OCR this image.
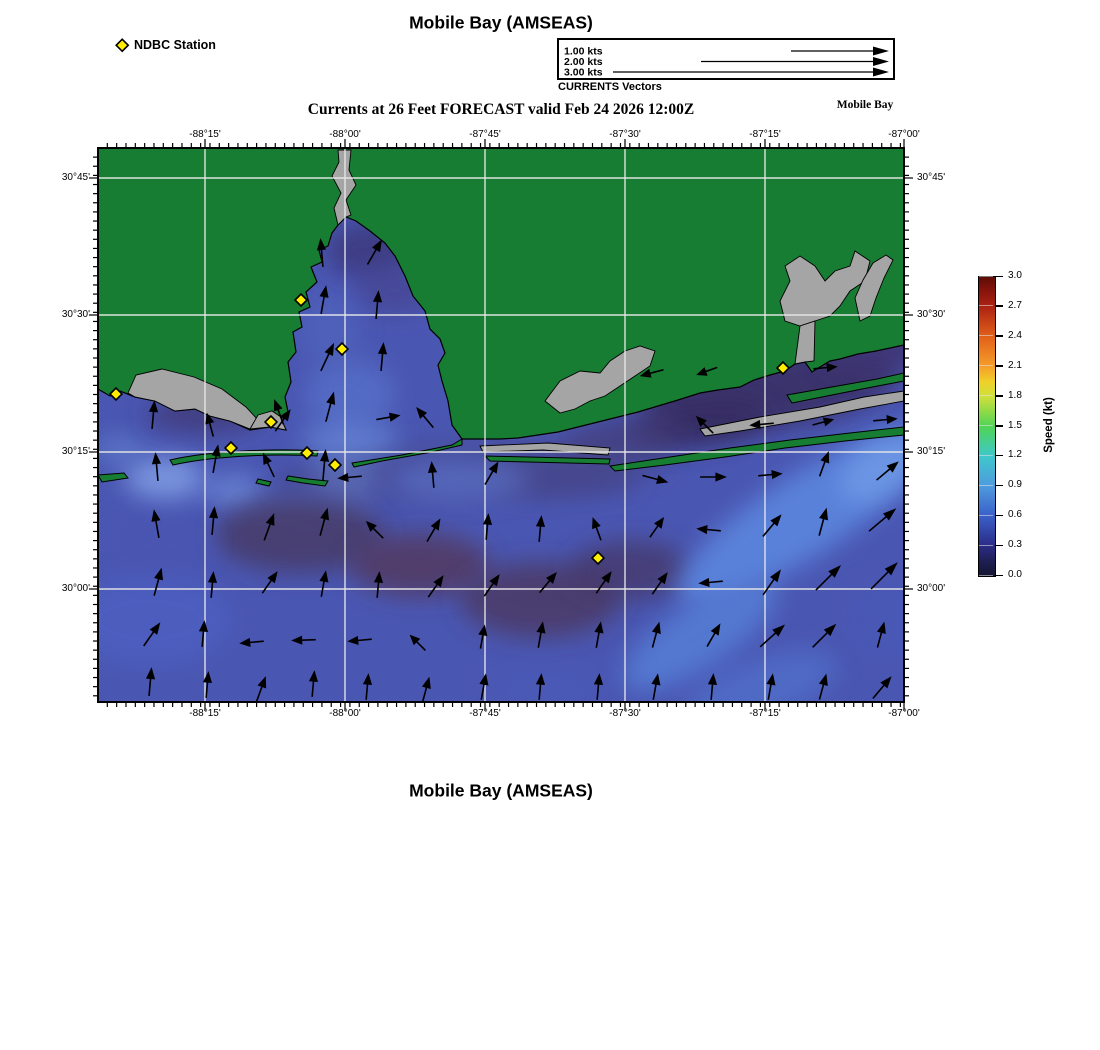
Mobile Bay (AMSEAS)
NDBC Station	1.00 kts
2.00 kts
3.00 kts
CURRENTS Vectors
Currents at 26 Feet FORECAST valid Feb 24 2026 12:00Z	Mobile Bay
-88°15'
-88°15'
-88°00'
-88°00'
-87°45'
-87°45'
-87°30'
-87°30'
-87°15'
-87°15'
-87°00'
-87°00'
30°45'	30°45'
30°30'	30°30'
30°15'	30°15'
30°00'	30°00'
3.0
2.7
2.4
2.1
1.8
1.5
1.2
0.9
0.6
0.3
0.0
Speed (kt)
Mobile Bay (AMSEAS)
